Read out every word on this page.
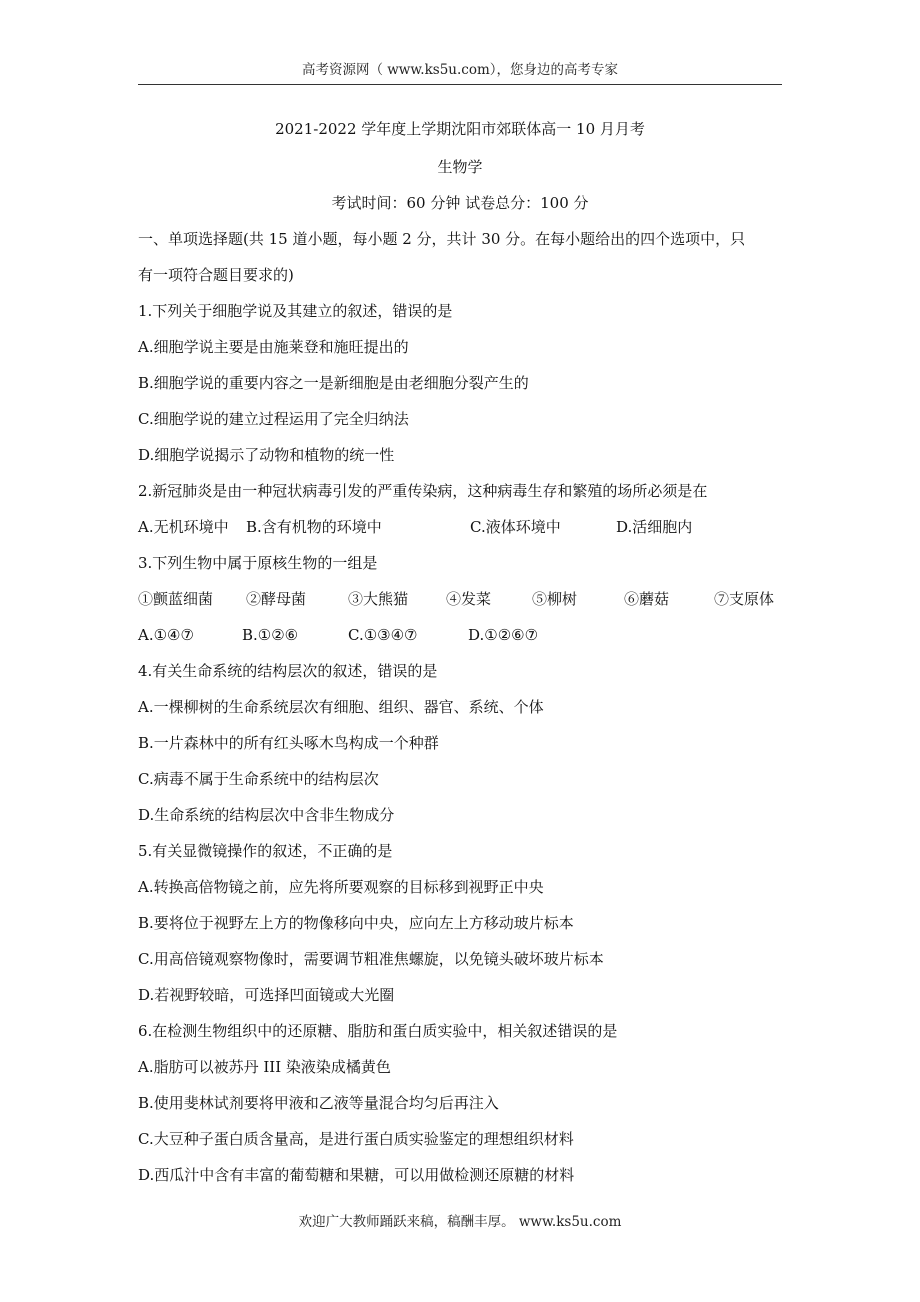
高考资源网（ www.ks5u.com），您身边的高考专家
2021-2022 学年度上学期沈阳市郊联体高一 10 月月考
生物学
考试时间：60 分钟 试卷总分：100 分
一、单项选择题(共 15 道小题，每小题 2 分，共计 30 分。在每小题给出的四个选项中，只
有一项符合题目要求的)
1.下列关于细胞学说及其建立的叙述，错误的是
A.细胞学说主要是由施莱登和施旺提出的
B.细胞学说的重要内容之一是新细胞是由老细胞分裂产生的
C.细胞学说的建立过程运用了完全归纳法
D.细胞学说揭示了动物和植物的统一性
2.新冠肺炎是由一种冠状病毒引发的严重传染病，这种病毒生存和繁殖的场所必须是在
A.无机环境中 B.含有机物的环境中	C.液体环境中	D.活细胞内
3.下列生物中属于原核生物的一组是
①颤蓝细菌 ②酵母菌	③大熊猫	④发菜	⑤柳树	⑥蘑菇	⑦支原体
A.①④⑦	B.①②⑥	C.①③④⑦	D.①②⑥⑦
4.有关生命系统的结构层次的叙述，错误的是
A.一棵柳树的生命系统层次有细胞、组织、器官、系统、个体
B.一片森林中的所有红头啄木鸟构成一个种群
C.病毒不属于生命系统中的结构层次
D.生命系统的结构层次中含非生物成分
5.有关显微镜操作的叙述，不正确的是
A.转换高倍物镜之前，应先将所要观察的目标移到视野正中央
B.要将位于视野左上方的物像移向中央，应向左上方移动玻片标本
C.用高倍镜观察物像时，需要调节粗准焦螺旋，以免镜头破坏玻片标本
D.若视野较暗，可选择凹面镜或大光圈
6.在检测生物组织中的还原糖、脂肪和蛋白质实验中，相关叙述错误的是
A.脂肪可以被苏丹 III 染液染成橘黄色
B.使用斐林试剂要将甲液和乙液等量混合均匀后再注入
C.大豆种子蛋白质含量高，是进行蛋白质实验鉴定的理想组织材料
D.西瓜汁中含有丰富的葡萄糖和果糖，可以用做检测还原糖的材料
欢迎广大教师踊跃来稿，稿酬丰厚。 www.ks5u.com
